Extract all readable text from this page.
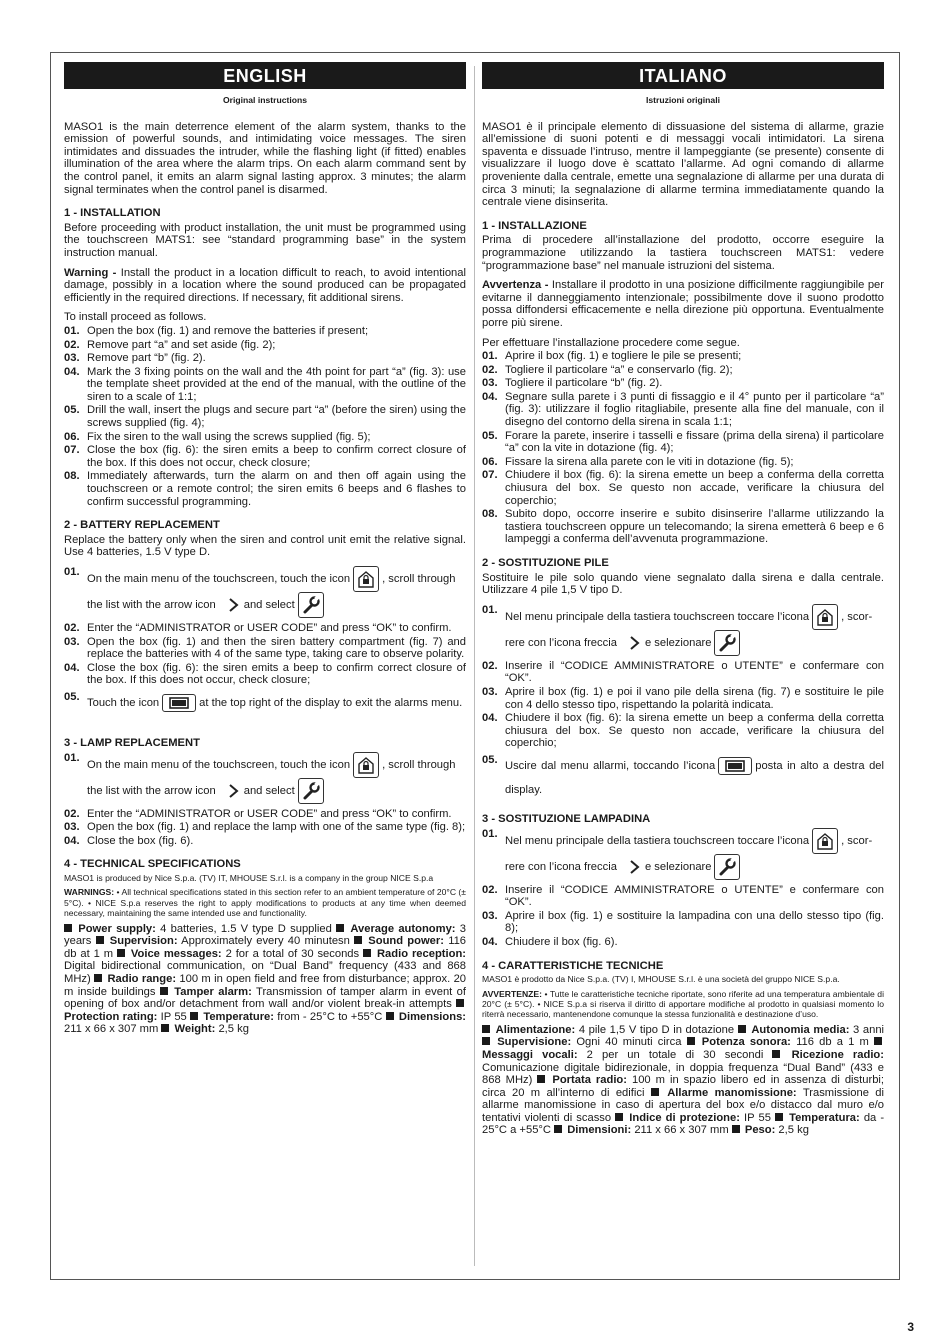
ENGLISH
Original instructions

MASO1 is the main deterrence element of the alarm system, thanks to the emission of powerful sounds, and intimidating voice messages. The siren intimidates and dissuades the intruder, while the flashing light (if fitted) enables illumination of the area where the alarm trips. On each alarm command sent by the control panel, it emits an alarm signal lasting approx. 3 minutes; the alarm signal terminates when the control panel is disarmed.

1 - INSTALLATION

Before proceeding with product installation, the unit must be programmed using the touchscreen MATS1: see “standard programming base” in the system instruction manual.

Warning - Install the product in a location difficult to reach, to avoid intentional damage, possibly in a location where the sound produced can be propagated efficiently in the required directions. If necessary, fit additional sirens.

To install proceed as follows.

01. Open the box (fig. 1) and remove the batteries if present;
02. Remove part “a” and set aside (fig. 2);
03. Remove part “b” (fig. 2).
04. Mark the 3 fixing points on the wall and the 4th point for part “a” (fig. 3): use the template sheet provided at the end of the manual, with the outline of the siren to a scale of 1:1;
05. Drill the wall, insert the plugs and secure part “a” (before the siren) using the screws supplied (fig. 4);
06. Fix the siren to the wall using the screws supplied (fig. 5);
07. Close the box (fig. 6): the siren emits a beep to confirm correct closure of the box. If this does not occur, check closure;
08. Immediately afterwards, turn the alarm on and then off again using the touchscreen or a remote control; the siren emits 6 beeps and 6 flashes to confirm successful programming.
2 - BATTERY REPLACEMENT

Replace the battery only when the siren and control unit emit the relative signal. Use 4 batteries, 1.5 V type D.

01.
On the main menu of the touchscreen, touch the icon	, scroll through
the list with the arrow icon	and select
02. Enter the “ADMINISTRATOR or USER CODE” and press “OK” to confirm.
03. Open the box (fig. 1) and then the siren battery compartment (fig. 7) and replace the batteries with 4 of the same type, taking care to observe polarity.
04. Close the box (fig. 6): the siren emits a beep to confirm correct closure of the box. If this does not occur, check closure;
05. Touch the icon	at the top right of the display to exit the alarms menu.
3 - LAMP REPLACEMENT
01.
On the main menu of the touchscreen, touch the icon	, scroll through
the list with the arrow icon	and select
02. Enter the “ADMINISTRATOR or USER CODE” and press “OK” to confirm.
03. Open the box (fig. 1) and replace the lamp with one of the same type (fig. 8);
04. Close the box (fig. 6).
4 - TECHNICAL SPECIFICATIONS

MASO1 is produced by Nice S.p.a. (TV) IT, MHOUSE S.r.l. is a company in the group NICE S.p.a

WARNINGS: • All technical specifications stated in this section refer to an ambient temperature of 20°C (± 5°C). • NICE S.p.a reserves the right to apply modifications to products at any time when deemed necessary, maintaining the same intended use and functionality.

Power supply: 4 batteries, 1.5 V type D supplied Average autonomy: 3 years Supervision: Approximately every 40 minutesn Sound power: 116 db at 1 m Voice messages: 2 for a total of 30 seconds Radio reception: Digital bidirectional communication, on “Dual Band” frequency (433 and 868 MHz) Radio range: 100 m in open field and free from disturbance; approx. 20 m inside buildings Tamper alarm: Transmission of tamper alarm in event of opening of box and/or detachment from wall and/or violent break-in attempts  Protection rating: IP 55 Temperature: from - 25°C to +55°C Dimensions: 211 x 66 x 307 mm Weight: 2,5 kg

ITALIANO
Istruzioni originali

MASO1 è il principale elemento di dissuasione del sistema di allarme, grazie all’emissione di suoni potenti e di messaggi vocali intimidatori. La sirena spaventa e dissuade l’intruso, mentre il lampeggiante (se presente) consente di visualizzare il luogo dove è scattato l’allarme. Ad ogni comando di allarme proveniente dalla centrale, emette una segnalazione di allarme per una durata di circa 3 minuti; la segnalazione di allarme termina immediatamente quando la centrale viene disinserita.

1 - INSTALLAZIONE

Prima di procedere all’installazione del prodotto, occorre eseguire la programmazione utilizzando la tastiera touchscreen MATS1: vedere “programmazione base” nel manuale istruzioni del sistema.

Avvertenza - Installare il prodotto in una posizione difficilmente raggiungibile per evitarne il danneggiamento intenzionale; possibilmente dove il suono prodotto possa diffondersi efficacemente e nella direzione più opportuna. Eventualmente porre più sirene.

Per effettuare l’installazione procedere come segue.

01. Aprire il box (fig. 1) e togliere le pile se presenti;
02. Togliere il particolare “a” e conservarlo (fig. 2);
03. Togliere il particolare “b” (fig. 2).
04. Segnare sulla parete i 3 punti di fissaggio e il 4° punto per il particolare “a” (fig. 3): utilizzare il foglio ritagliabile, presente alla fine del manuale, con il disegno del contorno della sirena in scala 1:1;
05. Forare la parete, inserire i tasselli e fissare (prima della sirena) il particolare “a” con la vite in dotazione (fig. 4);
06. Fissare la sirena alla parete con le viti in dotazione (fig. 5);
07. Chiudere il box (fig. 6): la sirena emette un beep a conferma della corretta chiusura del box. Se questo non accade, verificare la chiusura del coperchio;
08. Subito dopo, occorre inserire e subito disinserire l’allarme utilizzando la tastiera touchscreen oppure un telecomando; la sirena emetterà 6 beep e 6 lampeggi a conferma dell’avvenuta programmazione.
2 - SOSTITUZIONE PILE

Sostituire le pile solo quando viene segnalato dalla sirena e dalla centrale. Utilizzare 4 pile 1,5 V tipo D.

01.
Nel menu principale della tastiera touchscreen toccare l’icona	, scor-
rere con l’icona freccia	e selezionare
02. Inserire il “CODICE AMMINISTRATORE o UTENTE” e confermare con “OK”.
03. Aprire il box (fig. 1) e poi il vano pile della sirena (fig. 7) e sostituire le pile con 4 dello stesso tipo, rispettando la polarità indicata.
04. Chiudere il box (fig. 6): la sirena emette un beep a conferma della corretta chiusura del box. Se questo non accade, verificare la chiusura del coperchio;
05. Uscire dal menu allarmi, toccando l’icona	posta in alto a destra del display.
3 - SOSTITUZIONE LAMPADINA
01.
Nel menu principale della tastiera touchscreen toccare l’icona	, scor-
rere con l’icona freccia	e selezionare
02. Inserire il “CODICE AMMINISTRATORE o UTENTE” e confermare con “OK”.
03. Aprire il box (fig. 1) e sostituire la lampadina con una dello stesso tipo (fig. 8);
04. Chiudere il box (fig. 6).
4 - CARATTERISTICHE TECNICHE

MASO1 è prodotto da Nice S.p.a. (TV) I, MHOUSE S.r.l. è una società del gruppo NICE S.p.a.

AVVERTENZE: • Tutte le caratteristiche tecniche riportate, sono riferite ad una temperatura ambientale di 20°C (± 5°C). • NICE S.p.a si riserva il diritto di apportare modifiche al prodotto in qualsiasi momento lo riterrà necessario, mantenendone comunque la stessa funzionalità e destinazione d’uso.

Alimentazione: 4 pile 1,5 V tipo D in dotazione Autonomia media: 3 anni  Supervisione: Ogni 40 minuti circa Potenza sonora: 116 db a 1 m  Messaggi vocali: 2 per un totale di 30 secondi	Ricezione radio: Comunicazione digitale bidirezionale, in doppia frequenza “Dual Band” (433 e 868 MHz) Portata radio: 100 m in spazio libero ed in assenza di disturbi; circa 20 m all’interno di edifici Allarme manomissione: Trasmissione di allarme manomissione in caso di apertura del box e/o distacco dal muro e/o tentativi violenti di scasso Indice di protezione: IP 55 Temperatura: da - 25°C a +55°C Dimensioni: 211 x 66 x 307 mm Peso: 2,5 kg

3
